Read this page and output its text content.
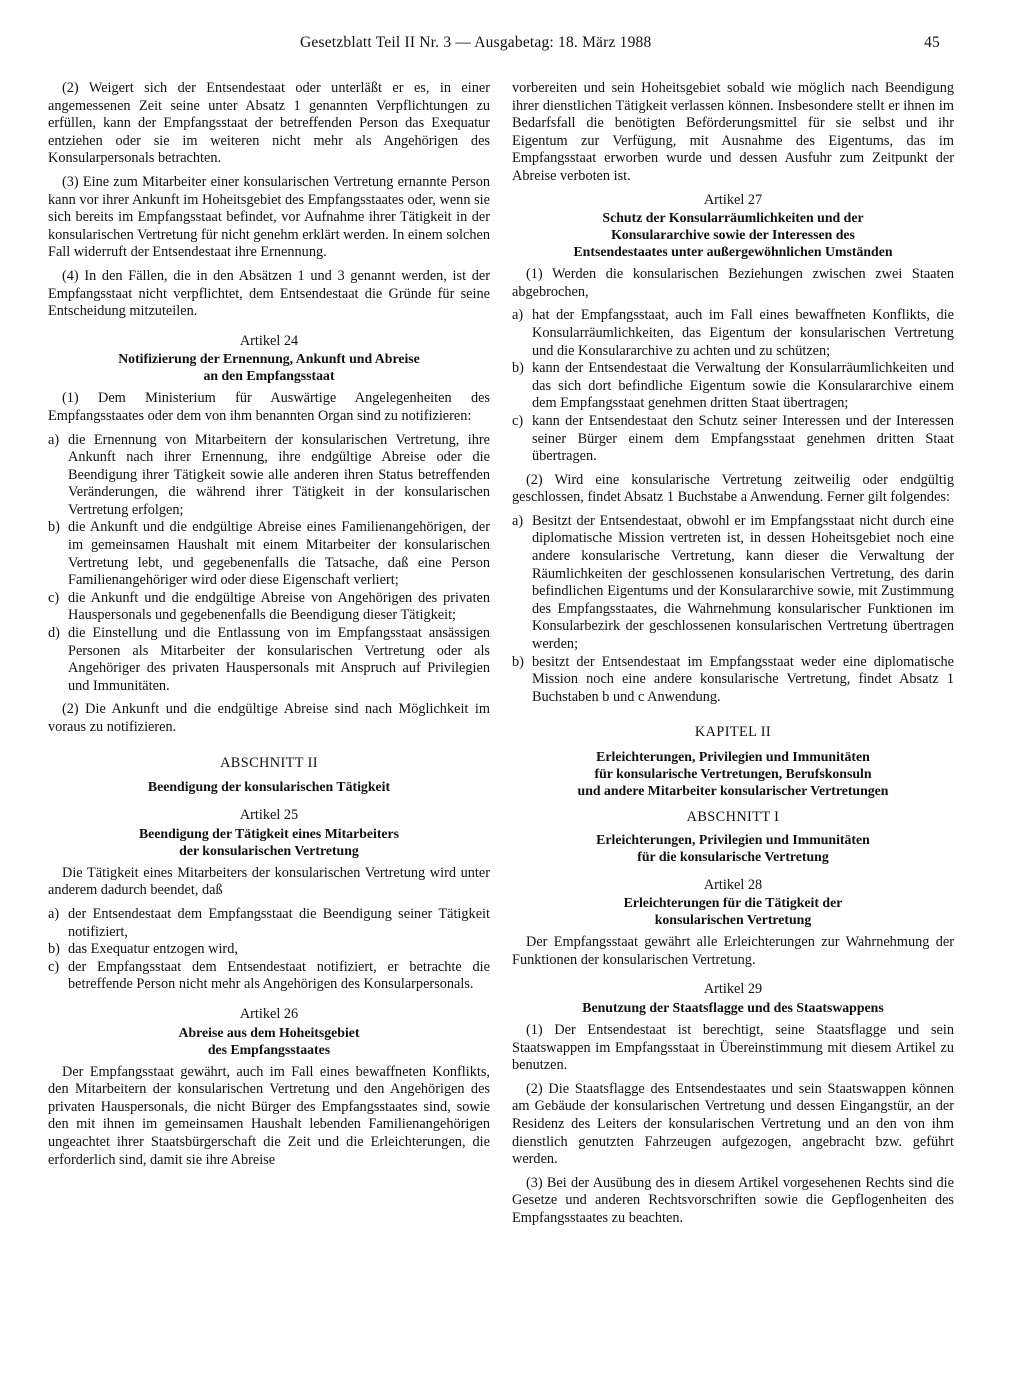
Gesetzblatt Teil II Nr. 3 — Ausgabetag: 18. März 1988	45

(2) Weigert sich der Entsendestaat oder unterläßt er es, in einer angemessenen Zeit seine unter Absatz 1 genannten Verpflichtungen zu erfüllen, kann der Empfangsstaat der betreffenden Person das Exequatur entziehen oder sie im weiteren nicht mehr als Angehörigen des Konsularpersonals betrachten.

(3) Eine zum Mitarbeiter einer konsularischen Vertretung ernannte Person kann vor ihrer Ankunft im Hoheitsgebiet des Empfangsstaates oder, wenn sie sich bereits im Empfangsstaat befindet, vor Aufnahme ihrer Tätigkeit in der konsularischen Vertretung für nicht genehm erklärt werden. In einem solchen Fall widerruft der Entsendestaat ihre Ernennung.

(4) In den Fällen, die in den Absätzen 1 und 3 genannt werden, ist der Empfangsstaat nicht verpflichtet, dem Entsendestaat die Gründe für seine Entscheidung mitzuteilen.

Artikel 24
Notifizierung der Ernennung, Ankunft und Abreise
an den Empfangsstaat

(1) Dem Ministerium für Auswärtige Angelegenheiten des Empfangsstaates oder dem von ihm benannten Organ sind zu notifizieren:

a) die Ernennung von Mitarbeitern der konsularischen Vertretung, ihre Ankunft nach ihrer Ernennung, ihre endgültige Abreise oder die Beendigung ihrer Tätigkeit sowie alle anderen ihren Status betreffenden Veränderungen, die während ihrer Tätigkeit in der konsularischen Vertretung erfolgen;
b) die Ankunft und die endgültige Abreise eines Familienangehörigen, der im gemeinsamen Haushalt mit einem Mitarbeiter der konsularischen Vertretung lebt, und gegebenenfalls die Tatsache, daß eine Person Familienangehöriger wird oder diese Eigenschaft verliert;
c) die Ankunft und die endgültige Abreise von Angehörigen des privaten Hauspersonals und gegebenenfalls die Beendigung dieser Tätigkeit;
d) die Einstellung und die Entlassung von im Empfangsstaat ansässigen Personen als Mitarbeiter der konsularischen Vertretung oder als Angehöriger des privaten Hauspersonals mit Anspruch auf Privilegien und Immunitäten.

(2) Die Ankunft und die endgültige Abreise sind nach Möglichkeit im voraus zu notifizieren.

ABSCHNITT II
Beendigung der konsularischen Tätigkeit
Artikel 25
Beendigung der Tätigkeit eines Mitarbeiters
der konsularischen Vertretung

Die Tätigkeit eines Mitarbeiters der konsularischen Vertretung wird unter anderem dadurch beendet, daß

a) der Entsendestaat dem Empfangsstaat die Beendigung seiner Tätigkeit notifiziert,
b) das Exequatur entzogen wird,
c) der Empfangsstaat dem Entsendestaat notifiziert, er betrachte die betreffende Person nicht mehr als Angehörigen des Konsularpersonals.
Artikel 26
Abreise aus dem Hoheitsgebiet
des Empfangsstaates

Der Empfangsstaat gewährt, auch im Fall eines bewaffneten Konflikts, den Mitarbeitern der konsularischen Vertretung und den Angehörigen des privaten Hauspersonals, die nicht Bürger des Empfangsstaates sind, sowie den mit ihnen im gemeinsamen Haushalt lebenden Familienangehörigen ungeachtet ihrer Staatsbürgerschaft die Zeit und die Erleichterungen, die erforderlich sind, damit sie ihre Abreise

vorbereiten und sein Hoheitsgebiet sobald wie möglich nach Beendigung ihrer dienstlichen Tätigkeit verlassen können. Insbesondere stellt er ihnen im Bedarfsfall die benötigten Beförderungsmittel für sie selbst und ihr Eigentum zur Verfügung, mit Ausnahme des Eigentums, das im Empfangsstaat erworben wurde und dessen Ausfuhr zum Zeitpunkt der Abreise verboten ist.

Artikel 27
Schutz der Konsularräumlichkeiten und der
Konsulararchive sowie der Interessen des
Entsendestaates unter außergewöhnlichen Umständen

(1) Werden die konsularischen Beziehungen zwischen zwei Staaten abgebrochen,

a) hat der Empfangsstaat, auch im Fall eines bewaffneten Konflikts, die Konsularräumlichkeiten, das Eigentum der konsularischen Vertretung und die Konsulararchive zu achten und zu schützen;
b) kann der Entsendestaat die Verwaltung der Konsularräumlichkeiten und das sich dort befindliche Eigentum sowie die Konsulararchive einem dem Empfangsstaat genehmen dritten Staat übertragen;
c) kann der Entsendestaat den Schutz seiner Interessen und der Interessen seiner Bürger einem dem Empfangsstaat genehmen dritten Staat übertragen.

(2) Wird eine konsularische Vertretung zeitweilig oder endgültig geschlossen, findet Absatz 1 Buchstabe a Anwendung. Ferner gilt folgendes:

a) Besitzt der Entsendestaat, obwohl er im Empfangsstaat nicht durch eine diplomatische Mission vertreten ist, in dessen Hoheitsgebiet noch eine andere konsularische Vertretung, kann dieser die Verwaltung der Räumlichkeiten der geschlossenen konsularischen Vertretung, des darin befindlichen Eigentums und der Konsulararchive sowie, mit Zustimmung des Empfangsstaates, die Wahrnehmung konsularischer Funktionen im Konsularbezirk der geschlossenen konsularischen Vertretung übertragen werden;
b) besitzt der Entsendestaat im Empfangsstaat weder eine diplomatische Mission noch eine andere konsularische Vertretung, findet Absatz 1 Buchstaben b und c Anwendung.
KAPITEL II
Erleichterungen, Privilegien und Immunitäten
für konsularische Vertretungen, Berufskonsuln
und andere Mitarbeiter konsularischer Vertretungen
ABSCHNITT I
Erleichterungen, Privilegien und Immunitäten
für die konsularische Vertretung
Artikel 28
Erleichterungen für die Tätigkeit der
konsularischen Vertretung

Der Empfangsstaat gewährt alle Erleichterungen zur Wahrnehmung der Funktionen der konsularischen Vertretung.

Artikel 29
Benutzung der Staatsflagge und des Staatswappens

(1) Der Entsendestaat ist berechtigt, seine Staatsflagge und sein Staatswappen im Empfangsstaat in Übereinstimmung mit diesem Artikel zu benutzen.

(2) Die Staatsflagge des Entsendestaates und sein Staatswappen können am Gebäude der konsularischen Vertretung und dessen Eingangstür, an der Residenz des Leiters der konsularischen Vertretung und an den von ihm dienstlich genutzten Fahrzeugen aufgezogen, angebracht bzw. geführt werden.

(3) Bei der Ausübung des in diesem Artikel vorgesehenen Rechts sind die Gesetze und anderen Rechtsvorschriften sowie die Gepflogenheiten des Empfangsstaates zu beachten.
